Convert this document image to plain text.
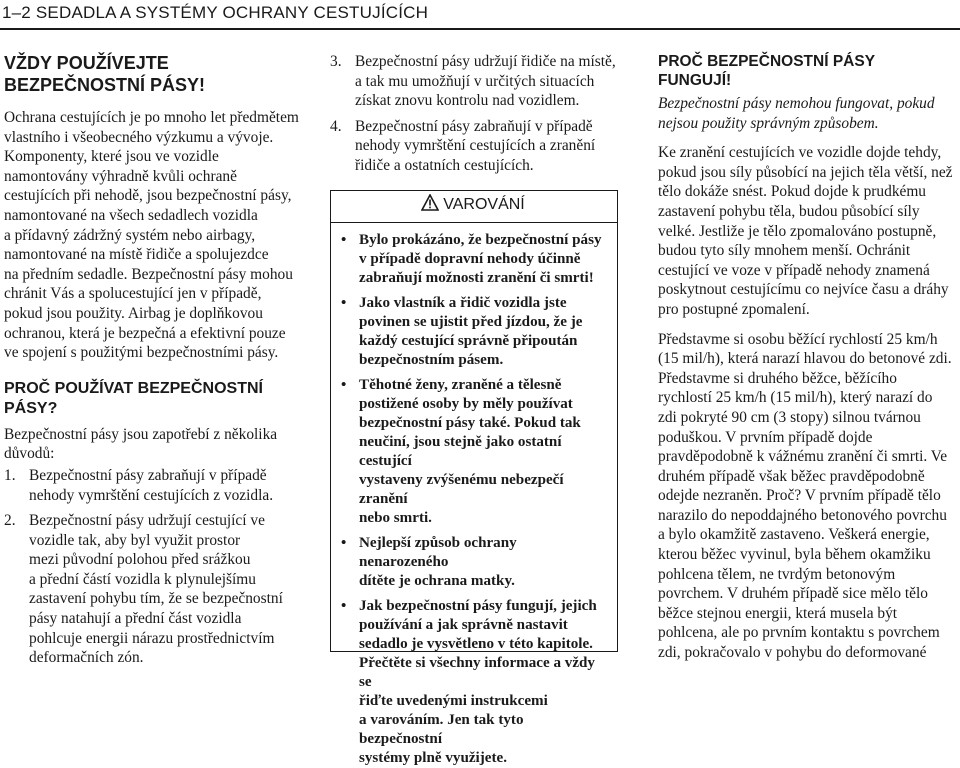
1–2 SEDADLA A SYSTÉMY OCHRANY CESTUJÍCÍCH
VŽDY POUŽÍVEJTE
BEZPEČNOSTNÍ PÁSY!
Ochrana cestujících je po mnoho let předmětem
vlastního i všeobecného výzkumu a vývoje.
Komponenty, které jsou ve vozidle
namontovány výhradně kvůli ochraně
cestujících při nehodě, jsou bezpečnostní pásy,
namontované na všech sedadlech vozidla
a přídavný zádržný systém nebo airbagy,
namontované na místě řidiče a spolujezdce
na předním sedadle. Bezpečnostní pásy mohou
chránit Vás a spolucestující jen v případě,
pokud jsou použity. Airbag je doplňkovou
ochranou, která je bezpečná a efektivní pouze
ve spojení s použitými bezpečnostními pásy.
PROČ POUŽÍVAT BEZPEČNOSTNÍ
PÁSY?
Bezpečnostní pásy jsou zapotřebí z několika
důvodů:
1. Bezpečnostní pásy zabraňují v případě
nehody vymrštění cestujících z vozidla.
2. Bezpečnostní pásy udržují cestující ve
vozidle tak, aby byl využit prostor
mezi původní polohou před srážkou
a přední částí vozidla k plynulejšímu
zastavení pohybu tím, že se bezpečnostní
pásy natahují a přední část vozidla
pohlcuje energii nárazu prostřednictvím
deformačních zón.
3. Bezpečnostní pásy udržují řidiče na místě,
a tak mu umožňují v určitých situacích
získat znovu kontrolu nad vozidlem.
4. Bezpečnostní pásy zabraňují v případě
nehody vymrštění cestujících a zranění
řidiče a ostatních cestujících.
VAROVÁNÍ
• Bylo prokázáno, že bezpečnostní pásy
v případě dopravní nehody účinně
zabraňují možnosti zranění či smrti!
• Jako vlastník a řidič vozidla jste
povinen se ujistit před jízdou, že je
každý cestující správně připoután
bezpečnostním pásem.
• Těhotné ženy, zraněné a tělesně
postižené osoby by měly používat
bezpečnostní pásy také. Pokud tak
neučiní, jsou stejně jako ostatní cestující
vystaveny zvýšenému nebezpečí zranění
nebo smrti.
• Nejlepší způsob ochrany nenarozeného
dítěte je ochrana matky.
• Jak bezpečnostní pásy fungují, jejich
používání a jak správně nastavit
sedadlo je vysvětleno v této kapitole.
Přečtěte si všechny informace a vždy se
řiďte uvedenými instrukcemi
a varováním. Jen tak tyto bezpečnostní
systémy plně využijete.
PROČ BEZPEČNOSTNÍ PÁSY
FUNGUJÍ!
Bezpečnostní pásy nemohou fungovat, pokud
nejsou použity správným způsobem.
Ke zranění cestujících ve vozidle dojde tehdy,
pokud jsou síly působící na jejich těla větší, než
tělo dokáže snést. Pokud dojde k prudkému
zastavení pohybu těla, budou působící síly
velké. Jestliže je tělo zpomalováno postupně,
budou tyto síly mnohem menší. Ochránit
cestující ve voze v případě nehody znamená
poskytnout cestujícímu co nejvíce času a dráhy
pro postupné zpomalení.
Představme si osobu běžící rychlostí 25 km/h
(15 mil/h), která narazí hlavou do betonové zdi.
Představme si druhého běžce, běžícího
rychlostí 25 km/h (15 mil/h), který narazí do
zdi pokryté 90 cm (3 stopy) silnou tvárnou
poduškou. V prvním případě dojde
pravděpodobně k vážnému zranění či smrti. Ve
druhém případě však běžec pravděpodobně
odejde nezraněn. Proč? V prvním případě tělo
narazilo do nepoddajného betonového povrchu
a bylo okamžitě zastaveno. Veškerá energie,
kterou běžec vyvinul, byla během okamžiku
pohlcena tělem, ne tvrdým betonovým
povrchem. V druhém případě sice mělo tělo
běžce stejnou energii, která musela být
pohlcena, ale po prvním kontaktu s povrchem
zdi, pokračovalo v pohybu do deformované
